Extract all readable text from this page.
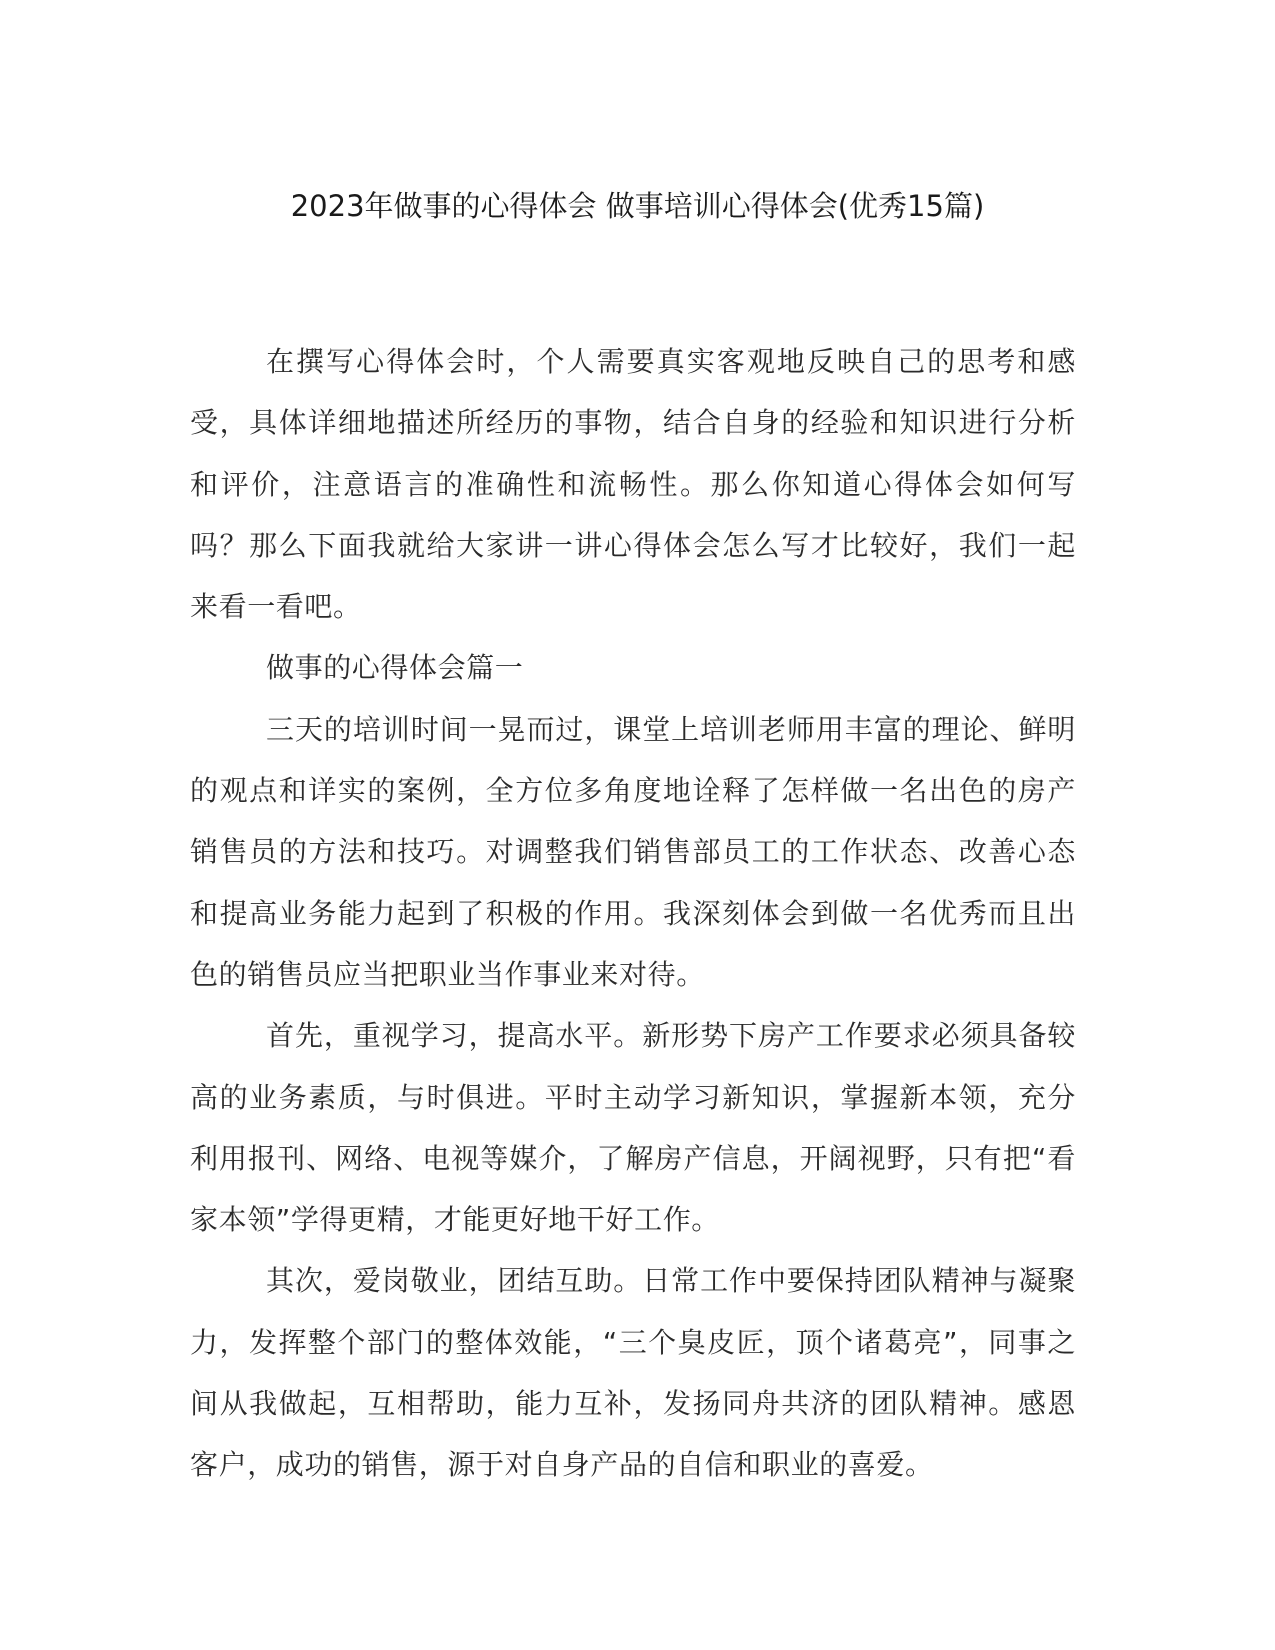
2023年做事的心得体会 做事培训心得体会(优秀15篇)

在撰写心得体会时，个人需要真实客观地反映自己的思考和感受，具体详细地描述所经历的事物，结合自身的经验和知识进行分析和评价，注意语言的准确性和流畅性。那么你知道心得体会如何写吗？那么下面我就给大家讲一讲心得体会怎么写才比较好，我们一起来看一看吧。

做事的心得体会篇一

三天的培训时间一晃而过，课堂上培训老师用丰富的理论、鲜明的观点和详实的案例，全方位多角度地诠释了怎样做一名出色的房产销售员的方法和技巧。对调整我们销售部员工的工作状态、改善心态和提高业务能力起到了积极的作用。我深刻体会到做一名优秀而且出色的销售员应当把职业当作事业来对待。

首先，重视学习，提高水平。新形势下房产工作要求必须具备较高的业务素质，与时俱进。平时主动学习新知识，掌握新本领，充分利用报刊、网络、电视等媒介，了解房产信息，开阔视野，只有把“看家本领”学得更精，才能更好地干好工作。

其次，爱岗敬业，团结互助。日常工作中要保持团队精神与凝聚力，发挥整个部门的整体效能，“三个臭皮匠，顶个诸葛亮”，同事之间从我做起，互相帮助，能力互补，发扬同舟共济的团队精神。感恩客户，成功的销售，源于对自身产品的自信和职业的喜爱。
